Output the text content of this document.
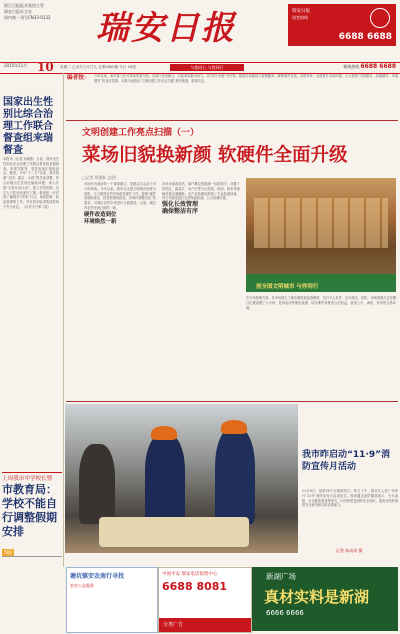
浙江日报报业集团主管
瑞安日报社主办
国内统一刊号CN33-0132	瑞安日报	瑞安日报
读者热线
6688 6688
2015年11月 10 星期二 乙未年九月廿九 总第5850期 今日 16版	与您同心 与您同行	新闻热线 6688 6688
国家出生性别比综合治理工作联合督查组来瑞督查
本报讯（记者 孙晓燕）日前，国家出生性别比综合治理工作联合督查组来瑞督查。市领导陈秀、蔡笑参加汇报座谈会。据悉，今年“十二五”以来，我市按照“全国、重点、示范”的总体部署，综合治理出生性别比偏高问题，深入开展“关爱女孩行动”，建立长效机制，出生人口性别比逐年下降。督查组一行详细了解我市“两非”打击、B超管理、药品管理等工作，并对我市取得的成效给予充分肯定。（详见今日第二版）
上周我市中学校长暨
市教育局：学校不能自行调整假期安排
5版
编者按： 今年以来，来市着力在可持续发展方面，各部门密切配合，以改革创新为动力，以“四个全面”为引领，推进市场建设与管理服务，统筹城乡发展，多措并举，全面提升市容环境，大力营造“文明瑞安、美丽瑞安、幸福瑞安”的良好氛围。本报今起推出“文明创建工作亮点扫描”系列报道，敬请关注。
文明创建工作亮点扫描（一）
菜场旧貌换新颜 软硬件全面升级
□记者 蔡建新 文/图
市场作为城市的一个重要窗口，是群众生活必不可少的场所。今年以来，我市以全国文明城市创建为契机，大力推进农贸市场改造提升工作，按照“硬件设施标准化、经营管理规范化、市场环境整洁化”的要求，对城区农贸市场进行全面改造。目前，城区各农贸市场已焕然一新。
硬件改造到位
环境焕然一新
市场全面改造后，商户摊位按照统一标准划分，设置了肉类区、蔬菜区、水产区等分区经营，地面、排水等基础设施全面翻新，农产品检测室配备了专业检测设备，每天对蔬菜进行农药残留检测，公示检测结果。
强化长效管理
确保整洁有序
在市场管理方面，各市场建立了保洁制度和巡查制度，实行专人负责、全天保洁。同时，市场管理方还在醒目位置设置了公平秤、投诉电话等便民设施，切实维护消费者合法权益，营造公平、诚信、有序的交易环境。
创全国文明城市 与你同行
我市昨启动“11·9”消防宣传月活动
11月9日，是第25个全国消防日。昨日上午，我市在人民广场举行“11·9”消防宣传月启动仪式，现场通过消防器材展示、灭火演练、火灾隐患查找等形式，向市民普及消防安全知识，提高全民的消防安全意识和自防自救能力。
记者 陈成成 摄
塘坑镇安农南行寻找
安农公益服务
中国平安 瑞安电话销售中心
6688 8081
分类广告
新湖广场
真材实料是新湖
6666 6666
